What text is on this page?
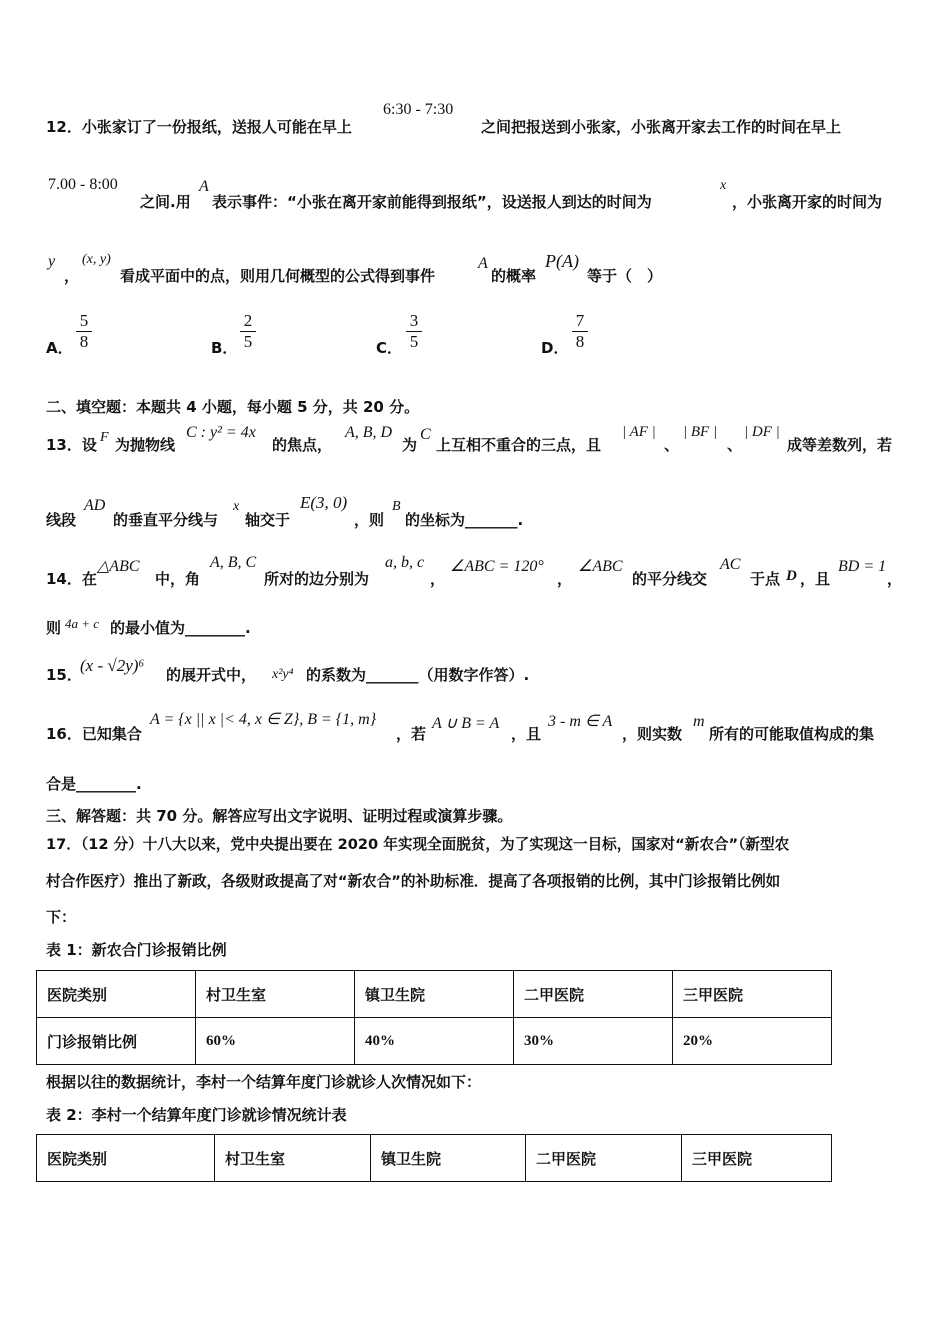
12．小张家订了一份报纸，送报人可能在早上
6:30 - 7:30
之间把报送到小张家，小张离开家去工作的时间在早上
7.00 - 8:00
之间.用
A
表示事件：“小张在离开家前能得到报纸”，设送报人到达的时间为
x
，小张离开家的时间为
y
，
(x, y)
看成平面中的点，则用几何概型的公式得到事件
A
的概率
P(A)
等于（　）
A． $\frac{5}{8}$	B． $\frac{2}{5}$	C． $\frac{3}{5}$	D． $\frac{7}{8}$
二、填空题：本题共 4 小题，每小题 5 分，共 20 分。
13．设 F 为抛物线
C : y² = 4x
的焦点，
A, B, D
为
C
上互相不重合的三点，且
| AF |
、
| BF |
、
| DF |
成等差数列，若
线段
AD
的垂直平分线与
x
轴交于
E(3, 0)
，则
B
的坐标为_______.
14．在
△ABC
中，角
A, B, C
所对的边分别为
a, b, c
，
∠ABC = 120°
，
∠ABC
的平分线交
AC
于点 D ，且
BD = 1
，
则 4a + c 的最小值为________.
15．
(x - √2y)⁶ 的展开式中， x²y⁴ 的系数为_______（用数字作答）.
16．已知集合
A = {x || x |< 4, x ∈ Z}, B = {1, m}
，若
A ∪ B = A
，且
3 - m ∈ A
，则实数
m
所有的可能取值构成的集
合是________.
三、解答题：共 70 分。解答应写出文字说明、证明过程或演算步骤。
17．（12 分）十八大以来，党中央提出要在 2020 年实现全面脱贫，为了实现这一目标，国家对“新农合”（新型农
村合作医疗）推出了新政，各级财政提高了对“新农合”的补助标准．提高了各项报销的比例，其中门诊报销比例如
下：
表 1：新农合门诊报销比例
医院类别	村卫生室	镇卫生院	二甲医院	三甲医院
门诊报销比例	60%	40%	30%	20%
根据以往的数据统计，李村一个结算年度门诊就诊人次情况如下：
表 2：李村一个结算年度门诊就诊情况统计表
医院类别	村卫生室	镇卫生院	二甲医院	三甲医院
